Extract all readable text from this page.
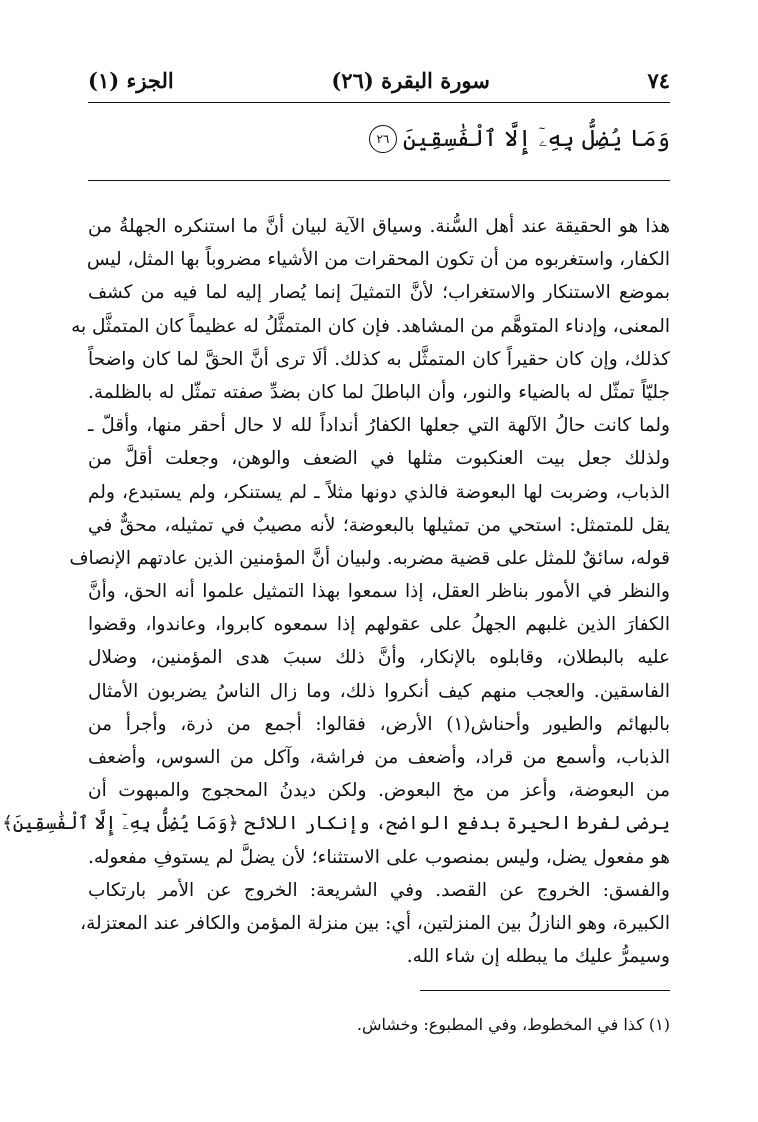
٧٤
سورة البقرة (٢٦)
الجزء (١)
وَمَا يُضِلُّ بِهِۦٓ إِلَّا ٱلْفَٰسِقِينَ
٢٦
هذا هو الحقيقة عند أهل السُّنة. وسياق الآية لبيان أنَّ ما استنكره الجهلةُ من
الكفار، واستغربوه من أن تكون المحقرات من الأشياء مضروباً بها المثل، ليس
بموضع الاستنكار والاستغراب؛ لأنَّ التمثيلَ إنما يُصار إليه لما فيه من كشف
المعنى، وإدناء المتوهَّم من المشاهد. فإن كان المتمثَّلُ له عظيماً كان المتمثَّل به
كذلك، وإن كان حقيراً كان المتمثَّل به كذلك. ألَا ترى أنَّ الحقَّ لما كان واضحاً
جليّاً تمثّل له بالضياء والنور، وأن الباطلَ لما كان بضدِّ صفته تمثّل له بالظلمة.
ولما كانت حالُ الآلهة التي جعلها الكفارُ أنداداً لله لا حال أحقر منها، وأقلّ ـ
ولذلك جعل بيت العنكبوت مثلها في الضعف والوهن، وجعلت أقلَّ من
الذباب، وضربت لها البعوضة فالذي دونها مثلاً ـ لم يستنكر، ولم يستبدع، ولم
يقل للمتمثل: استحي من تمثيلها بالبعوضة؛ لأنه مصيبٌ في تمثيله، محقٌّ في
قوله، سائقٌ للمثل على قضية مضربه. ولبيان أنَّ المؤمنين الذين عادتهم الإنصاف
والنظر في الأمور بناظر العقل، إذا سمعوا بهذا التمثيل علموا أنه الحق، وأنَّ
الكفارَ الذين غلبهم الجهلُ على عقولهم إذا سمعوه كابروا، وعاندوا، وقضوا
عليه بالبطلان، وقابلوه بالإنكار، وأنَّ ذلك سببَ هدى المؤمنين، وضلال
الفاسقين. والعجب منهم كيف أنكروا ذلك، وما زال الناسُ يضربون الأمثال
بالبهائم والطيور وأحناش(١) الأرض، فقالوا: أجمع من ذرة، وأجرأ من
الذباب، وأسمع من قراد، وأضعف من فراشة، وآكل من السوس، وأضعف
من البعوضة، وأعز من مخ البعوض. ولكن ديدنُ المحجوج والمبهوت أن
يرضى لفرط الحيرة بدفع الواضح، وإنكار اللائح ﴿وَمَا يُضِلُّ بِهِۦٓ إِلَّا ٱلْفَٰسِقِينَ﴾
هو مفعول يضل، وليس بمنصوب على الاستثناء؛ لأن يضلَّ لم يستوفِ مفعوله.
والفسق: الخروج عن القصد. وفي الشريعة: الخروج عن الأمر بارتكاب
الكبيرة، وهو النازلُ بين المنزلتين، أي: بين منزلة المؤمن والكافر عند المعتزلة،
وسيمرُّ عليك ما يبطله إن شاء الله.
(١) كذا في المخطوط، وفي المطبوع: وخشاش.
